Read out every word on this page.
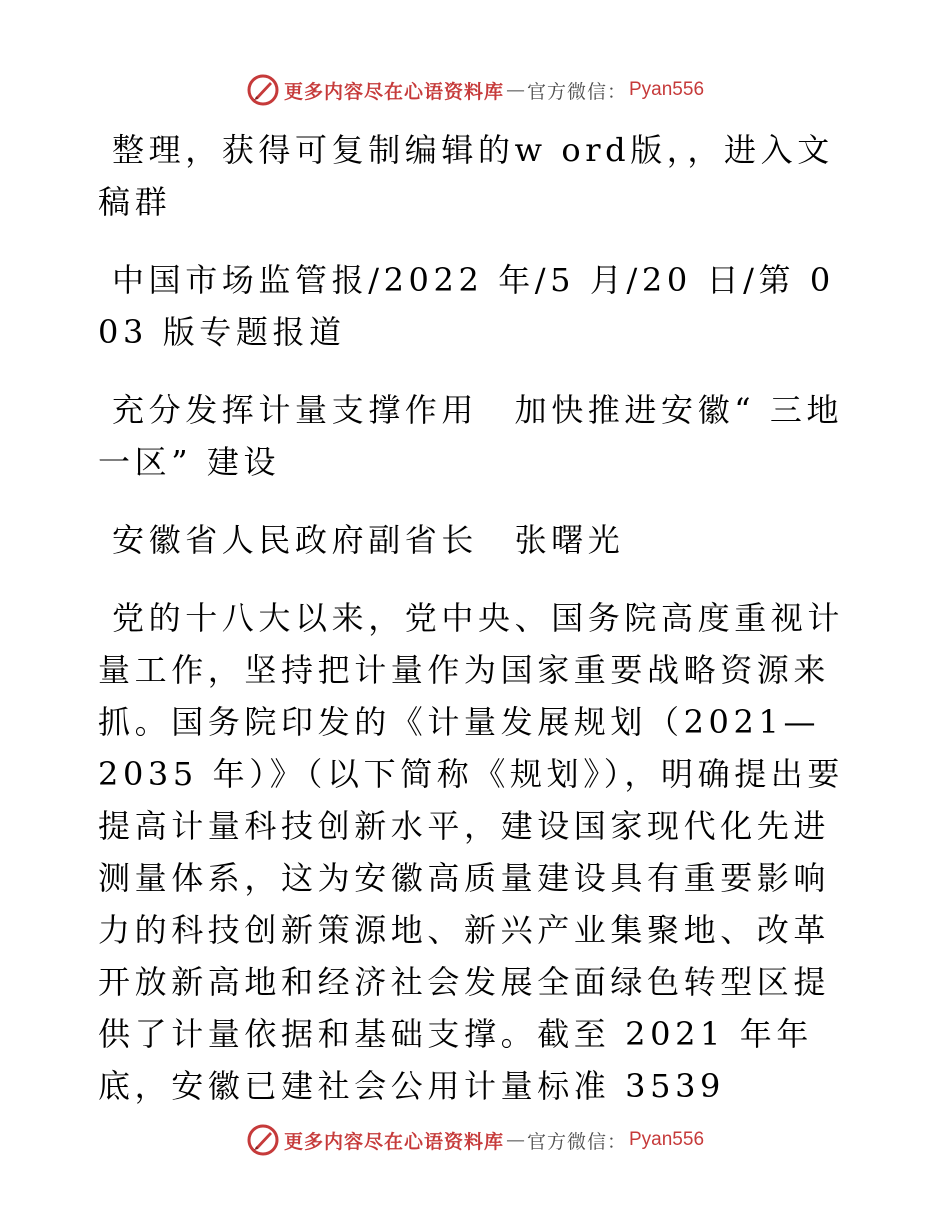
更多内容尽在心语资料库 — 官方微信： Pyan556

整理，获得可复制编辑的w ord版，，进入文稿群

中国市场监管报/2022 年/5 月/20 日/第 003 版专题报道

充分发挥计量支撑作用　加快推进安徽“ 三地一区” 建设

安徽省人民政府副省长　张曙光

党的十八大以来，党中央、国务院高度重视计量工作，坚持把计量作为国家重要战略资源来抓。国务院印发的《计量发展规划（2021— 2035 年）》（以下简称《规划》），明确提出要提高计量科技创新水平，建设国家现代化先进测量体系，这为安徽高质量建设具有重要影响力的科技创新策源地、新兴产业集聚地、改革开放新高地和经济社会发展全面绿色转型区提供了计量依据和基础支撑。截至 2021 年年底，安徽已建社会公用计量标准 3539

更多内容尽在心语资料库 — 官方微信： Pyan556
